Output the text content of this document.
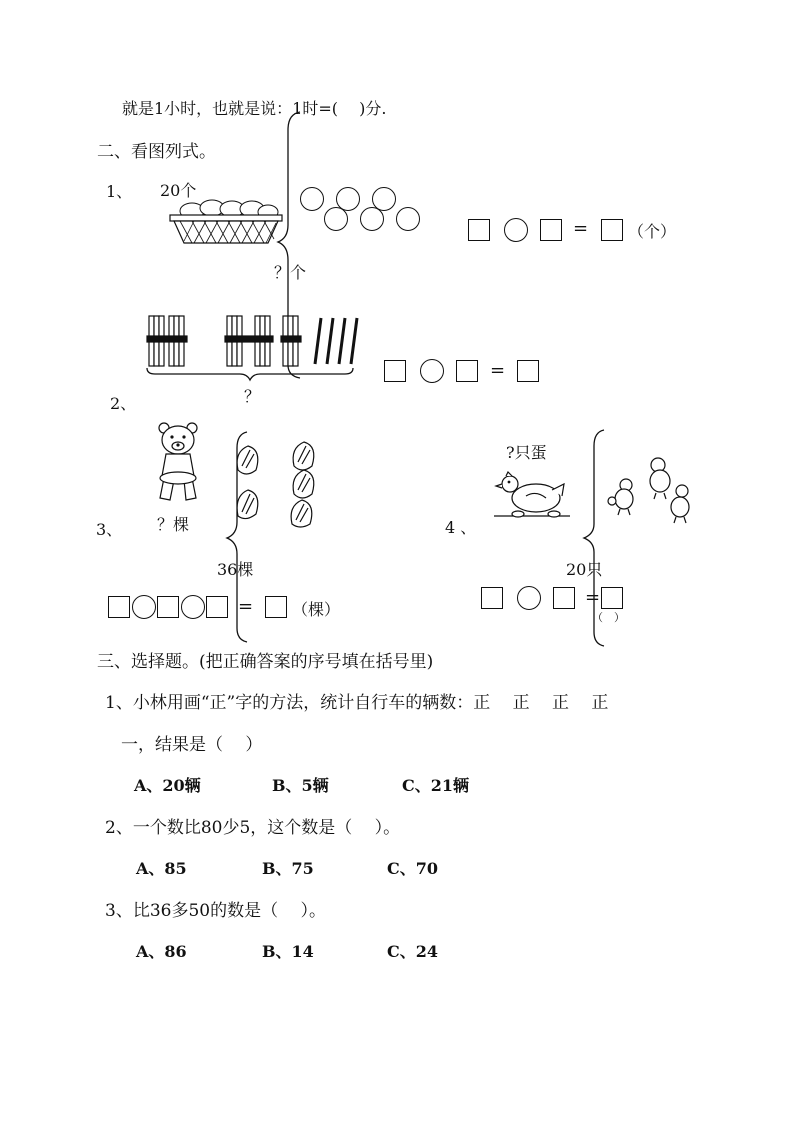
就是1小时，也就是说：1时=(　 )分.
二、看图列式。
1、 20个
= （个）
？个
？
2、
=
3、 ？棵
36棵
= （棵）
4 、
?只蛋
20只
=
（　）
三、选择题。(把正确答案的序号填在括号里)
1、小林用画“正”字的方法，统计自行车的辆数：正　 正　 正　 正
一，结果是（　 ）
A、20辆	B、5辆	C、21辆
2、一个数比80少5，这个数是（　 ）。
A、85	B、75	C、70
3、比36多50的数是（　 ）。
A、86	B、14	C、24
